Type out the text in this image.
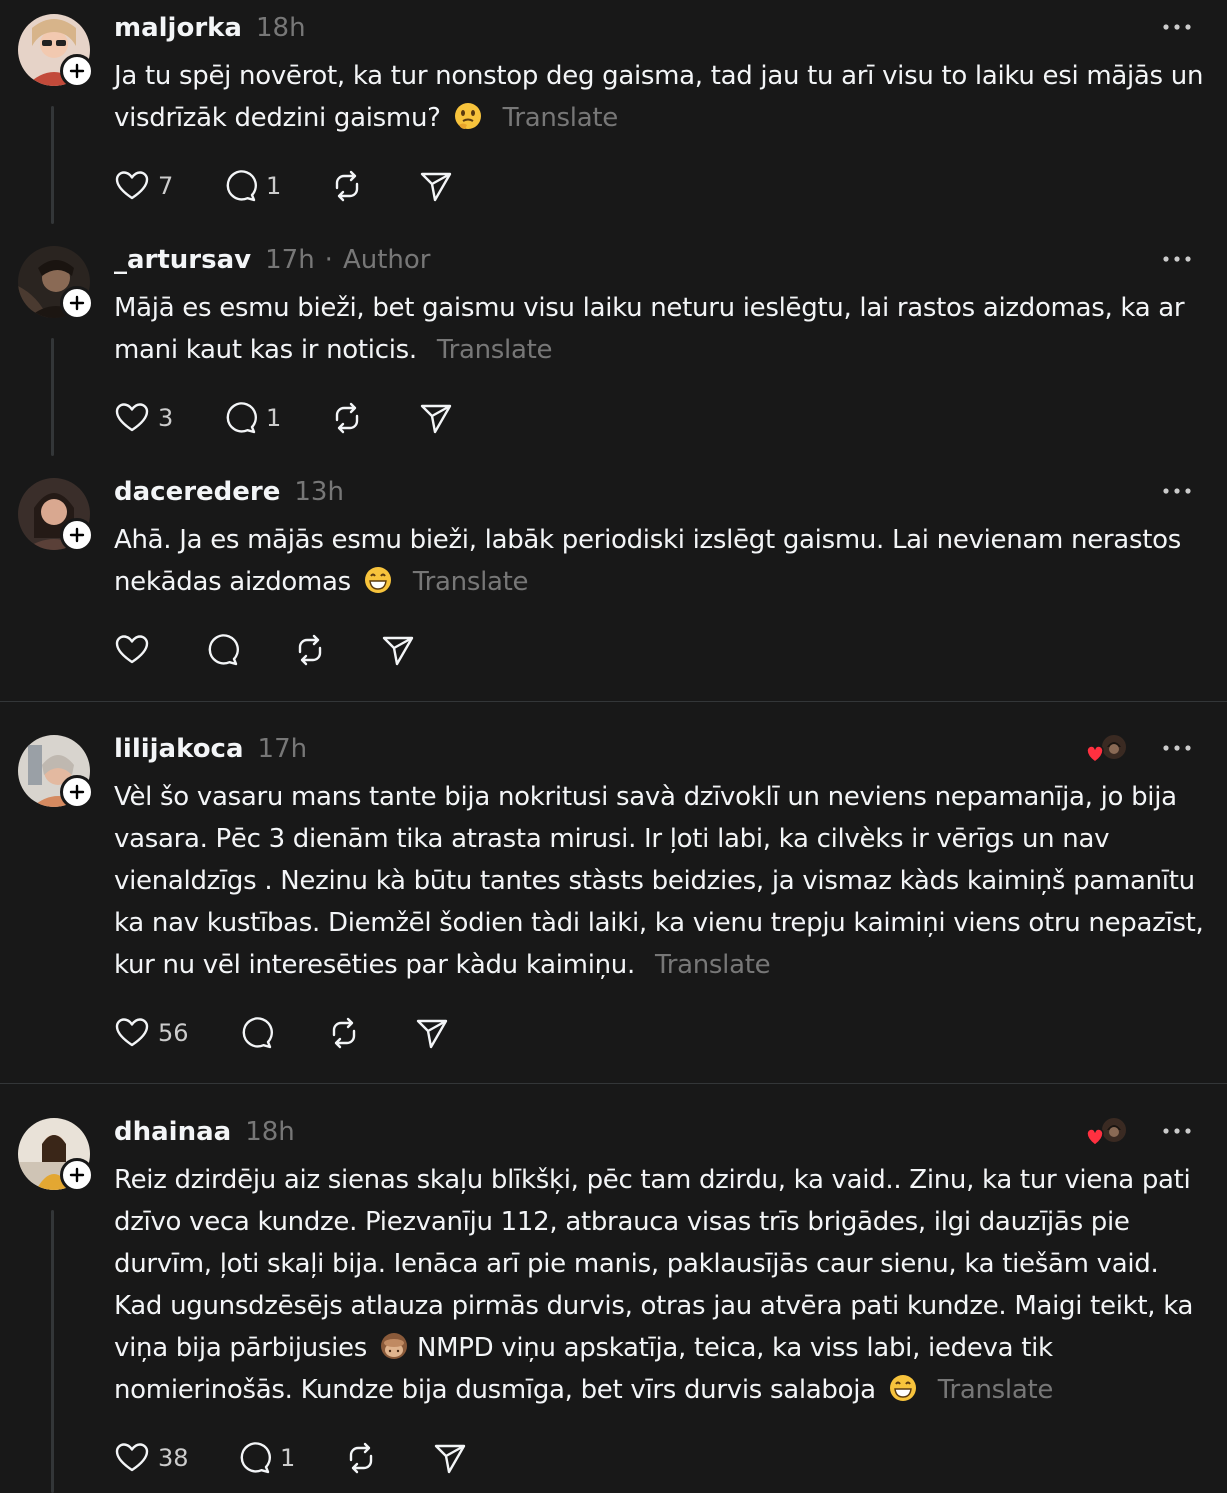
maljorka 18h

Ja tu spēj novērot, ka tur nonstop deg gaisma, tad jau tu arī visu to laiku esi mājās un visdrīzāk dedzini gaismu? Translate

7	1
_artursav 17h · Author

Mājā es esmu bieži, bet gaismu visu laiku neturu ieslēgtu, lai rastos aizdomas, ka ar mani kaut kas ir noticis. Translate

3	1
daceredere 13h

Ahā. Ja es mājās esmu bieži, labāk periodiski izslēgt gaismu. Lai nevienam nerastos nekādas aizdomas Translate

lilijakoca 17h

Vèl šo vasaru mans tante bija nokritusi savà dzīvoklī un neviens nepamanīja, jo bija vasara. Pēc 3 dienām tika atrasta mirusi. Ir ļoti labi, ka cilvèks ir vērīgs un nav vienaldzīgs . Nezinu kà būtu tantes stàsts beidzies, ja vismaz kàds kaimiņš pamanītu ka nav kustības. Diemžēl šodien tàdi laiki, ka vienu trepju kaimiņi viens otru nepazīst, kur nu vēl interesēties par kàdu kaimiņu. Translate

56
dhainaa 18h

Reiz dzirdēju aiz sienas skaļu blīkšķi, pēc tam dzirdu, ka vaid.. Zinu, ka tur viena pati dzīvo veca kundze. Piezvanīju 112, atbrauca visas trīs brigādes, ilgi dauzījās pie durvīm, ļoti skaļi bija. Ienāca arī pie manis, paklausījās caur sienu, ka tiešām vaid. Kad ugunsdzēsējs atlauza pirmās durvis, otras jau atvēra pati kundze. Maigi teikt, ka viņa bija pārbijusies NMPD viņu apskatīja, teica, ka viss labi, iedeva tik nomierinošās. Kundze bija dusmīga, bet vīrs durvis salaboja Translate

38	1
